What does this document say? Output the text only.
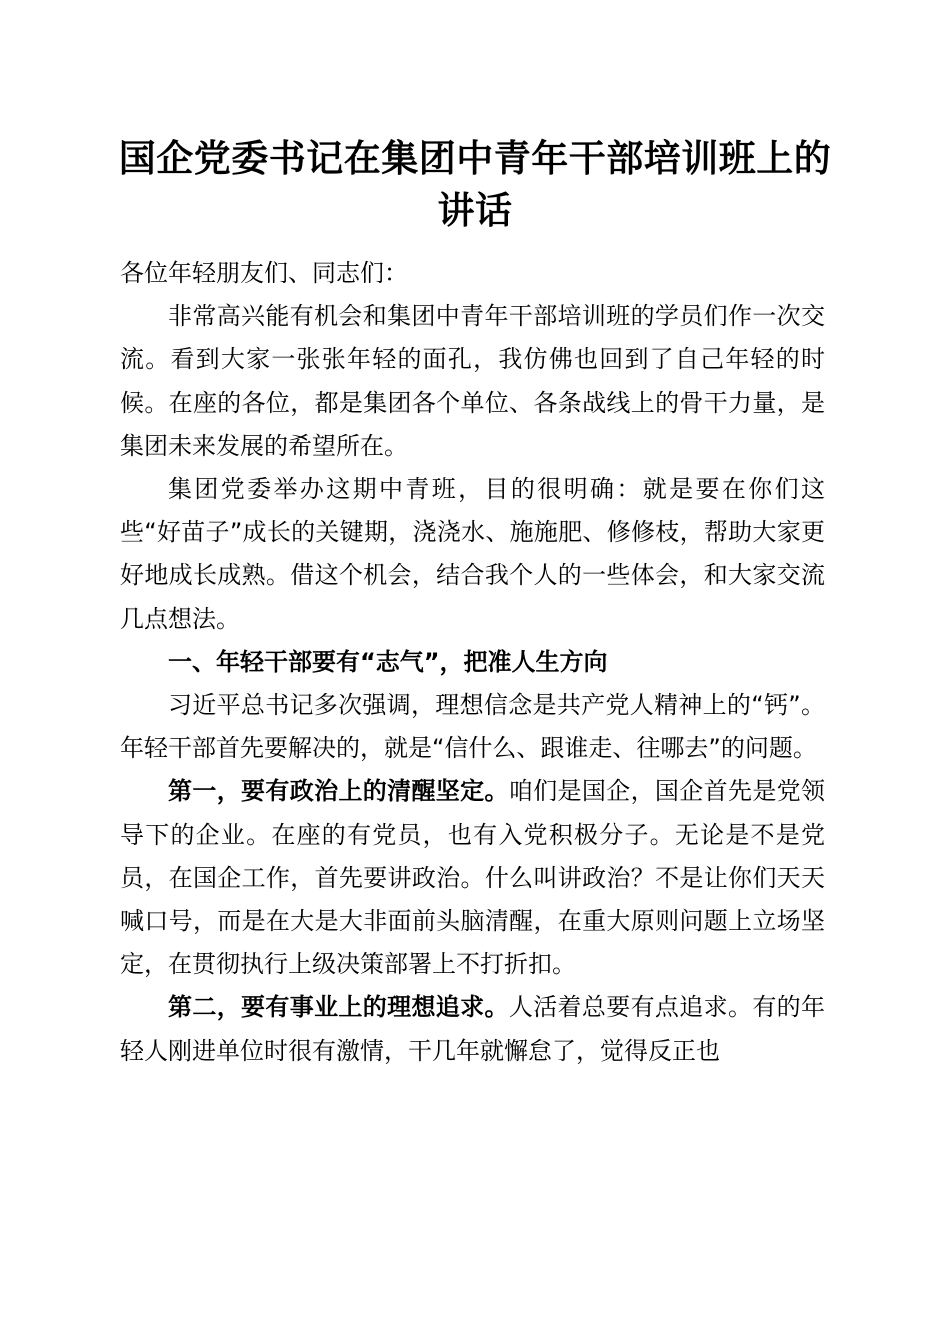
国企党委书记在集团中青年干部培训班上的讲话

各位年轻朋友们、同志们：

非常高兴能有机会和集团中青年干部培训班的学员们作一次交流。看到大家一张张年轻的面孔，我仿佛也回到了自己年轻的时候。在座的各位，都是集团各个单位、各条战线上的骨干力量，是集团未来发展的希望所在。

集团党委举办这期中青班，目的很明确：就是要在你们这些“好苗子”成长的关键期，浇浇水、施施肥、修修枝，帮助大家更好地成长成熟。借这个机会，结合我个人的一些体会，和大家交流几点想法。

一、年轻干部要有“志气”，把准人生方向

习近平总书记多次强调，理想信念是共产党人精神上的“钙”。年轻干部首先要解决的，就是“信什么、跟谁走、往哪去”的问题。

第一，要有政治上的清醒坚定。咱们是国企，国企首先是党领导下的企业。在座的有党员，也有入党积极分子。无论是不是党员，在国企工作，首先要讲政治。什么叫讲政治？不是让你们天天喊口号，而是在大是大非面前头脑清醒，在重大原则问题上立场坚定，在贯彻执行上级决策部署上不打折扣。

第二，要有事业上的理想追求。人活着总要有点追求。有的年轻人刚进单位时很有激情，干几年就懈怠了，觉得反正也
